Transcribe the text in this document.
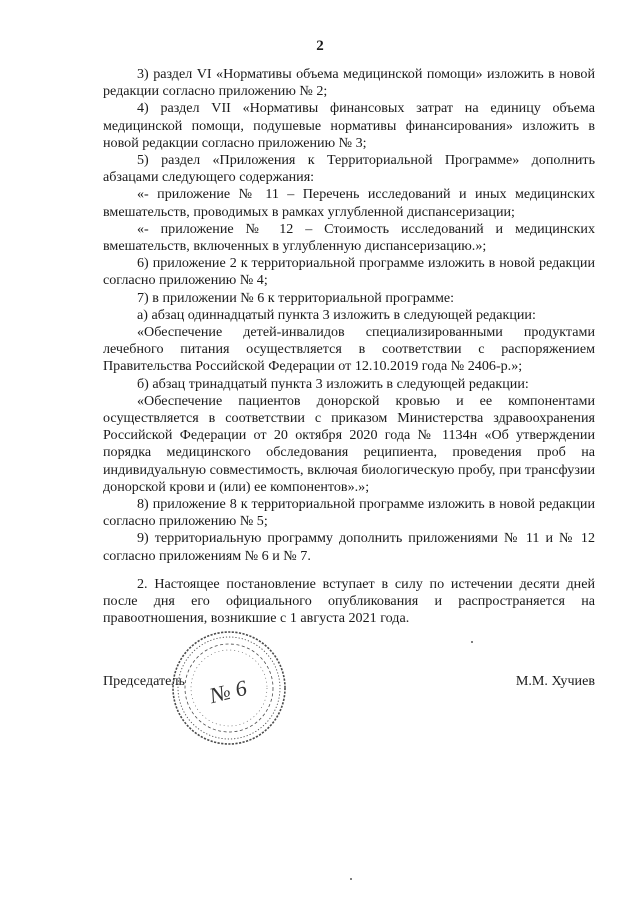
2

3) раздел VI «Нормативы объема медицинской помощи» изложить в новой редакции согласно приложению № 2;

4) раздел VII «Нормативы финансовых затрат на единицу объема медицинской помощи, подушевые нормативы финансирования» изложить в новой редакции согласно приложению № 3;

5) раздел «Приложения к Территориальной Программе» дополнить абзацами следующего содержания:

«- приложение № 11 – Перечень исследований и иных медицинских вмешательств, проводимых в рамках углубленной диспансеризации;

«- приложение № 12 – Стоимость исследований и медицинских вмешательств, включенных в углубленную диспансеризацию.»;

6) приложение 2 к территориальной программе изложить в новой редакции согласно приложению № 4;

7) в приложении № 6 к территориальной программе:

а) абзац одиннадцатый пункта 3 изложить в следующей редакции:

«Обеспечение детей-инвалидов специализированными продуктами лечебного питания осуществляется в соответствии с распоряжением Правительства Российской Федерации от 12.10.2019 года № 2406-р.»;

б) абзац тринадцатый пункта 3 изложить в следующей редакции:

«Обеспечение пациентов донорской кровью и ее компонентами осуществляется в соответствии с приказом Министерства здравоохранения Российской Федерации от 20 октября 2020 года № 1134н «Об утверждении порядка медицинского обследования реципиента, проведения проб на индивидуальную совместимость, включая биологическую пробу, при трансфузии донорской крови и (или) ее компонентов».»;

8) приложение 8 к территориальной программе изложить в новой редакции согласно приложению № 5;

9) территориальную программу дополнить приложениями № 11 и № 12 согласно приложениям № 6 и № 7.

2. Настоящее постановление вступает в силу по истечении десяти дней после дня его официального опубликования и распространяется на правоотношения, возникшие с 1 августа 2021 года.

№ 6
Председатель	М.М. Хучиев
